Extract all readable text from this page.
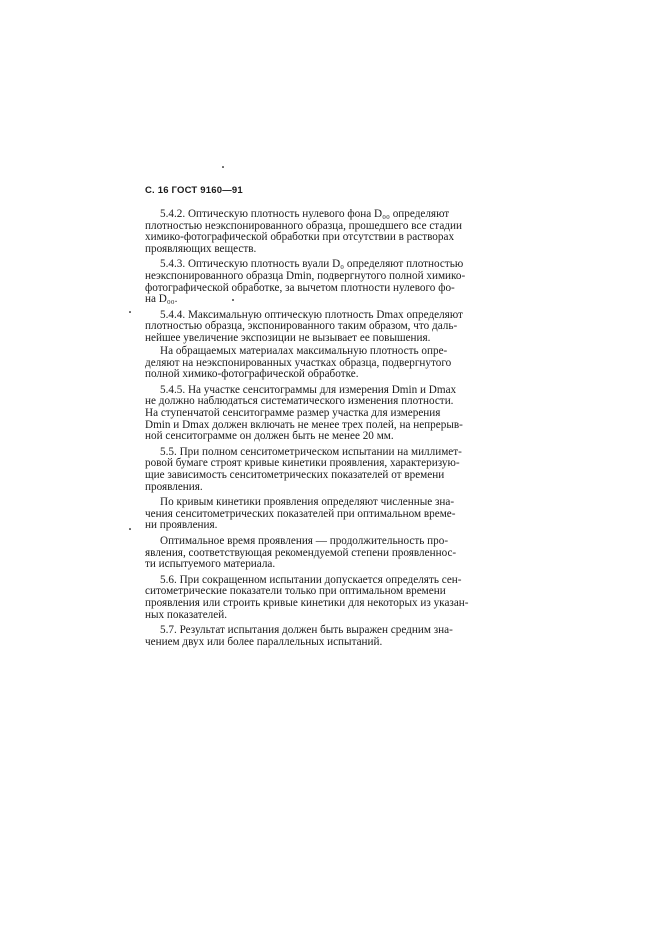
С. 16 ГОСТ 9160—91

5.4.2. Оптическую плотность нулевого фона D₀₀ определяют
плотностью неэкспонированного образца, прошедшего все стадии
химико-фотографической обработки при отсутствии в растворах
проявляющих веществ.

5.4.3. Оптическую плотность вуали D₀ определяют плотностью
неэкспонированного образца Dmin, подвергнутого полной химико-
фотографической обработке, за вычетом плотности нулевого фо-
на D₀₀.

5.4.4. Максимальную оптическую плотность Dmax определяют
плотностью образца, экспонированного таким образом, что даль-
нейшее увеличение экспозиции не вызывает ее повышения.

На обращаемых материалах максимальную плотность опре-
деляют на неэкспонированных участках образца, подвергнутого
полной химико-фотографической обработке.

5.4.5. На участке сенситограммы для измерения Dmin и Dmax
не должно наблюдаться систематического изменения плотности.
На ступенчатой сенситограмме размер участка для измерения
Dmin и Dmax должен включать не менее трех полей, на непрерыв-
ной сенситограмме он должен быть не менее 20 мм.

5.5. При полном сенситометрическом испытании на миллимет-
ровой бумаге строят кривые кинетики проявления, характеризую-
щие зависимость сенситометрических показателей от времени
проявления.

По кривым кинетики проявления определяют численные зна-
чения сенситометрических показателей при оптимальном време-
ни проявления.

Оптимальное время проявления — продолжительность про-
явления, соответствующая рекомендуемой степени проявленнос-
ти испытуемого материала.

5.6. При сокращенном испытании допускается определять сен-
ситометрические показатели только при оптимальном времени
проявления или строить кривые кинетики для некоторых из указан-
ных показателей.

5.7. Результат испытания должен быть выражен средним зна-
чением двух или более параллельных испытаний.
